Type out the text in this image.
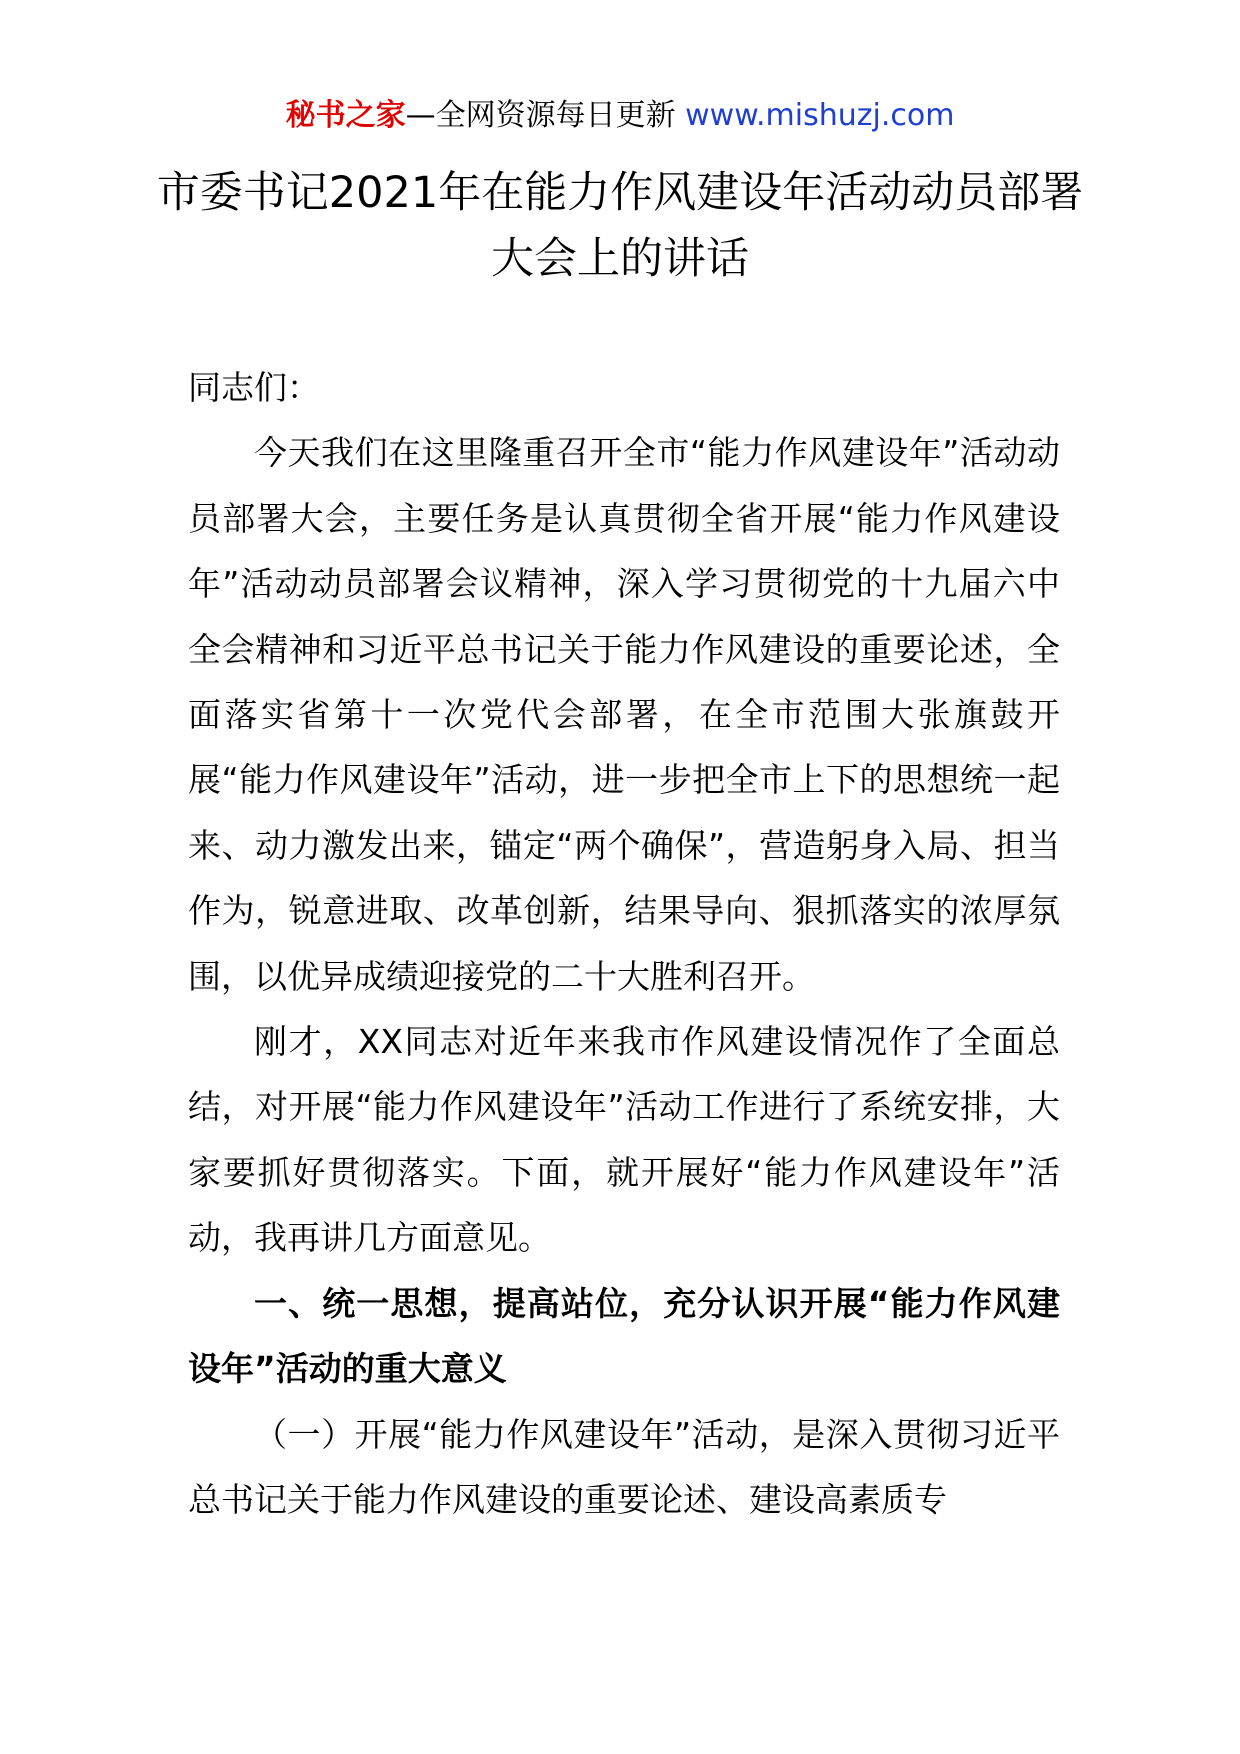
秘书之家—全网资源每日更新 www.mishuzj.com
市委书记2021年在能力作风建设年活动动员部署大会上的讲话

同志们：

今天我们在这里隆重召开全市“能力作风建设年”活动动员部署大会，主要任务是认真贯彻全省开展“能力作风建设年”活动动员部署会议精神，深入学习贯彻党的十九届六中全会精神和习近平总书记关于能力作风建设的重要论述，全面落实省第十一次党代会部署，在全市范围大张旗鼓开展“能力作风建设年”活动，进一步把全市上下的思想统一起来、动力激发出来，锚定“两个确保”，营造躬身入局、担当作为，锐意进取、改革创新，结果导向、狠抓落实的浓厚氛围，以优异成绩迎接党的二十大胜利召开。

刚才，XX同志对近年来我市作风建设情况作了全面总结，对开展“能力作风建设年”活动工作进行了系统安排，大家要抓好贯彻落实。下面，就开展好“能力作风建设年”活动，我再讲几方面意见。

一、统一思想，提高站位，充分认识开展“能力作风建设年”活动的重大意义

（一）开展“能力作风建设年”活动，是深入贯彻习近平总书记关于能力作风建设的重要论述、建设高素质专
